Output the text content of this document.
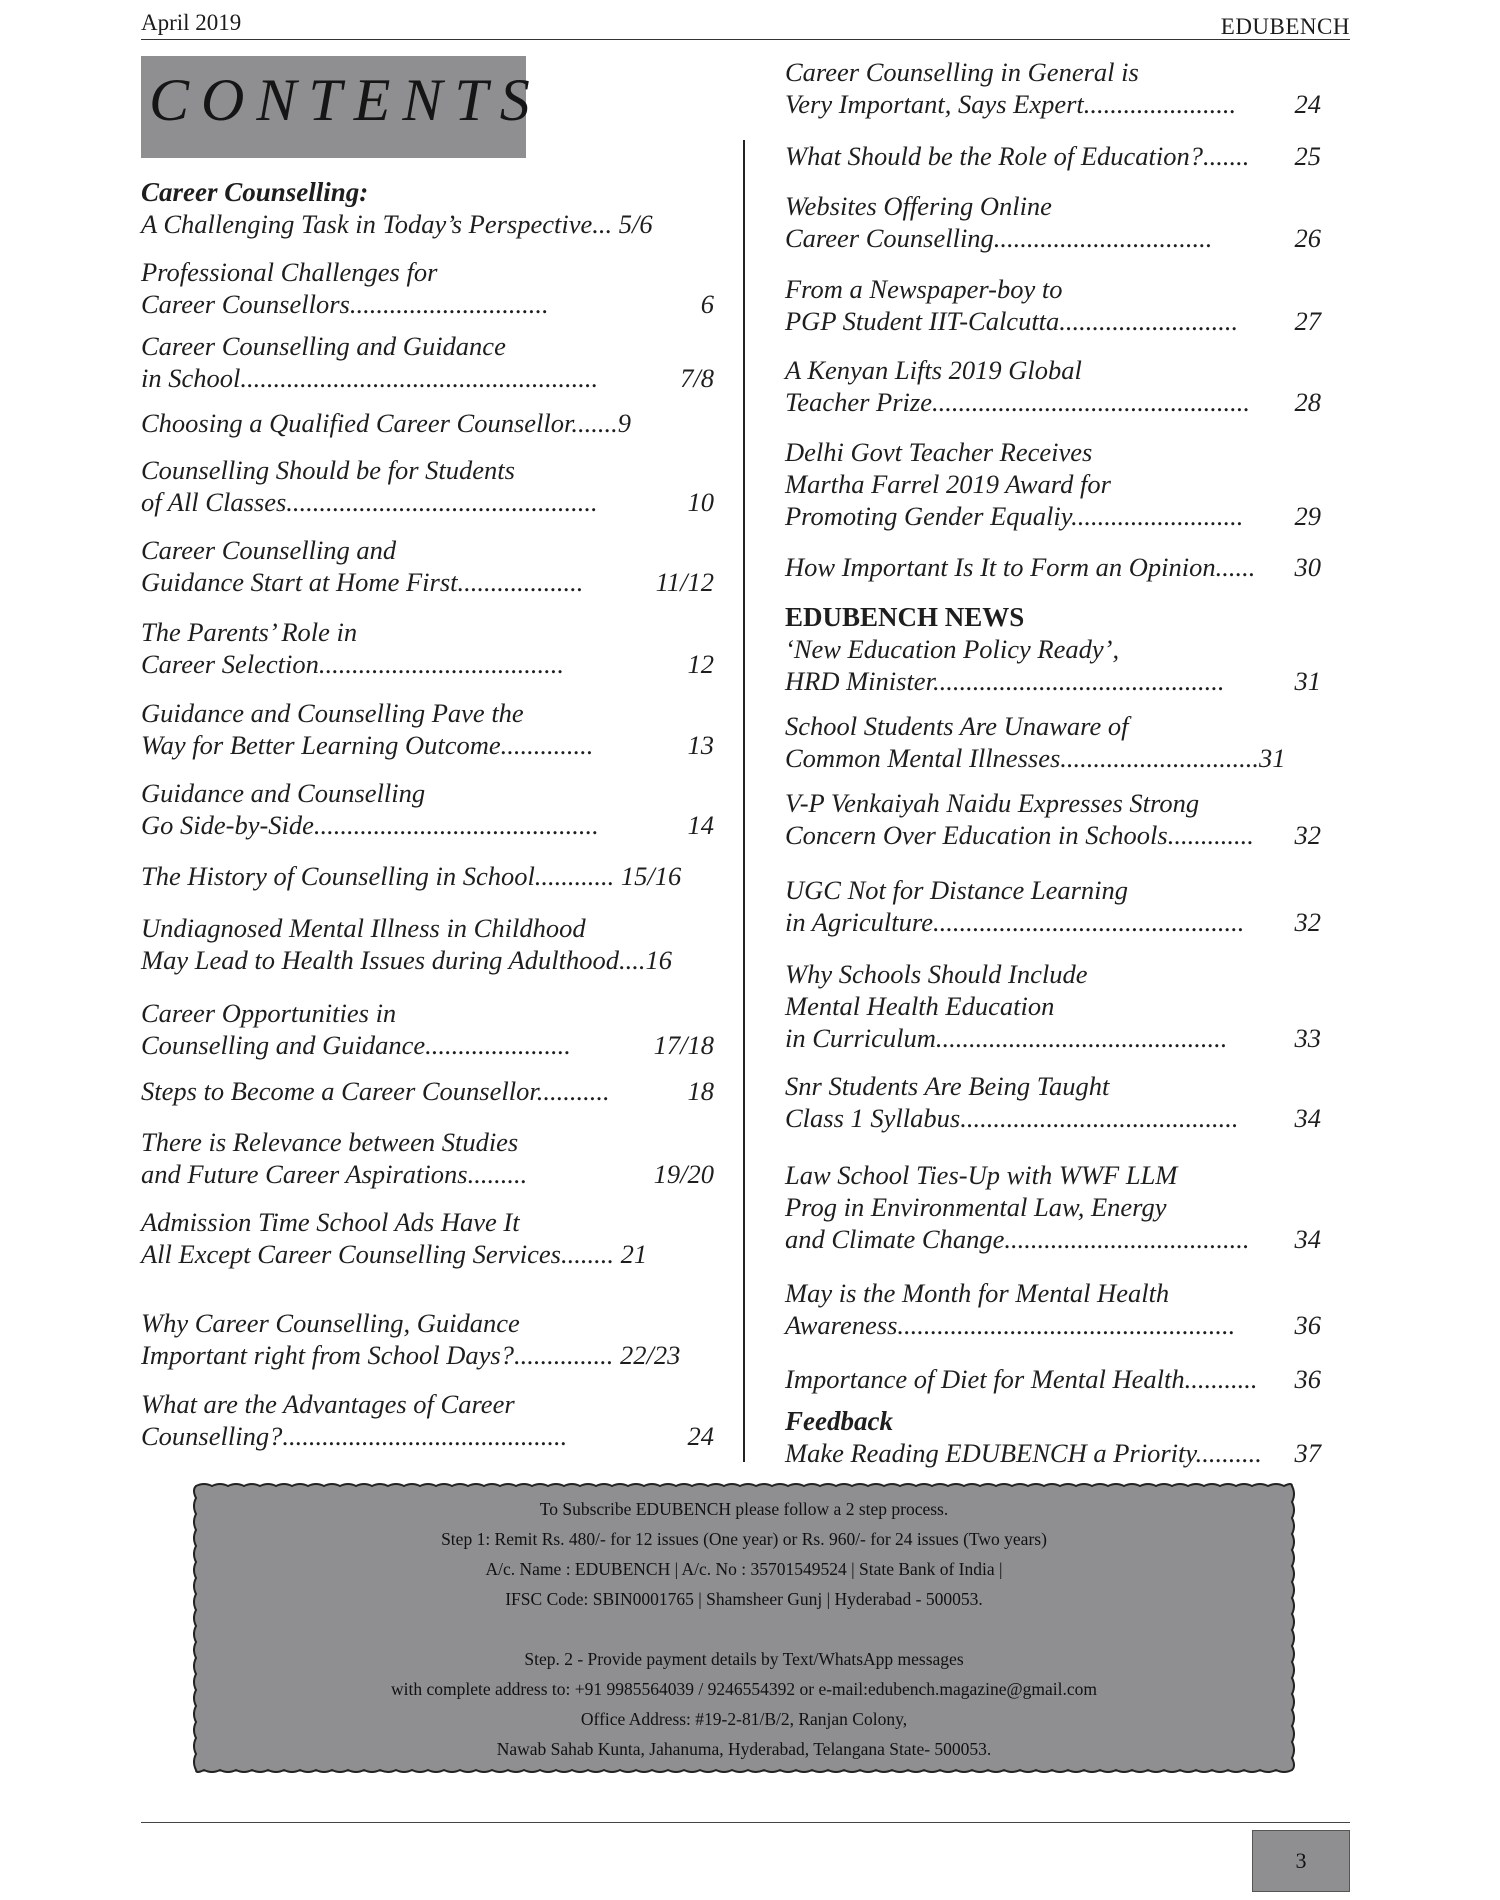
April 2019	EDUBENCH
CONTENTS
Career Counselling:
A Challenging Task in Today’s Perspective... 5/6
Professional Challenges for
Career Counsellors..............................	6
Career Counselling and Guidance
in School......................................................	7/8
Choosing a Qualified Career Counsellor.......9
Counselling Should be for Students
of All Classes...............................................	10
Career Counselling and
Guidance Start at Home First...................	11/12
The Parents’ Role in
Career Selection.....................................	12
Guidance and Counselling Pave the
Way for Better Learning Outcome..............	13
Guidance and Counselling
Go Side-by-Side...........................................	14
The History of Counselling in School............ 15/16
Undiagnosed Mental Illness in Childhood
May Lead to Health Issues during Adulthood....16
Career Opportunities in
Counselling and Guidance......................	17/18
Steps to Become a Career Counsellor...........	18
There is Relevance between Studies
and Future Career Aspirations.........	19/20
Admission Time School Ads Have It
All Except Career Counselling Services........ 21
Why Career Counselling, Guidance
Important right from School Days?............... 22/23
What are the Advantages of Career
Counselling?...........................................	24
Career Counselling in General is
Very Important, Says Expert.......................	24
What Should be the Role of Education?.......	25
Websites Offering Online
Career Counselling.................................	26
From a Newspaper-boy to
PGP Student IIT-Calcutta...........................	27
A Kenyan Lifts 2019 Global
Teacher Prize................................................	28
Delhi Govt Teacher Receives
Martha Farrel 2019 Award for
Promoting Gender Equaliy..........................	29
How Important Is It to Form an Opinion......	30
EDUBENCH NEWS
‘New Education Policy Ready’,
HRD Minister............................................	31
School Students Are Unaware of
Common Mental Illnesses..............................31
V-P Venkaiyah Naidu Expresses Strong
Concern Over Education in Schools.............	32
UGC Not for Distance Learning
in Agriculture...............................................	32
Why Schools Should Include
Mental Health Education
in Curriculum............................................	33
Snr Students Are Being Taught
Class 1 Syllabus..........................................	34
Law School Ties-Up with WWF LLM
Prog in Environmental Law, Energy
and Climate Change.....................................	34
May is the Month for Mental Health
Awareness...................................................	36
Importance of Diet for Mental Health...........	36
Feedback
Make Reading EDUBENCH a Priority..........	37
To Subscribe EDUBENCH please follow a 2 step process.
Step 1: Remit Rs. 480/- for 12 issues (One year) or Rs. 960/- for 24 issues (Two years)
A/c. Name : EDUBENCH | A/c. No : 35701549524 | State Bank of India |
IFSC Code: SBIN0001765 | Shamsheer Gunj | Hyderabad - 500053.
Step. 2 - Provide payment details by Text/WhatsApp messages
with complete address to: +91 9985564039 / 9246554392 or e-mail:edubench.magazine@gmail.com
Office Address: #19-2-81/B/2, Ranjan Colony,
Nawab Sahab Kunta, Jahanuma, Hyderabad, Telangana State- 500053.
3
